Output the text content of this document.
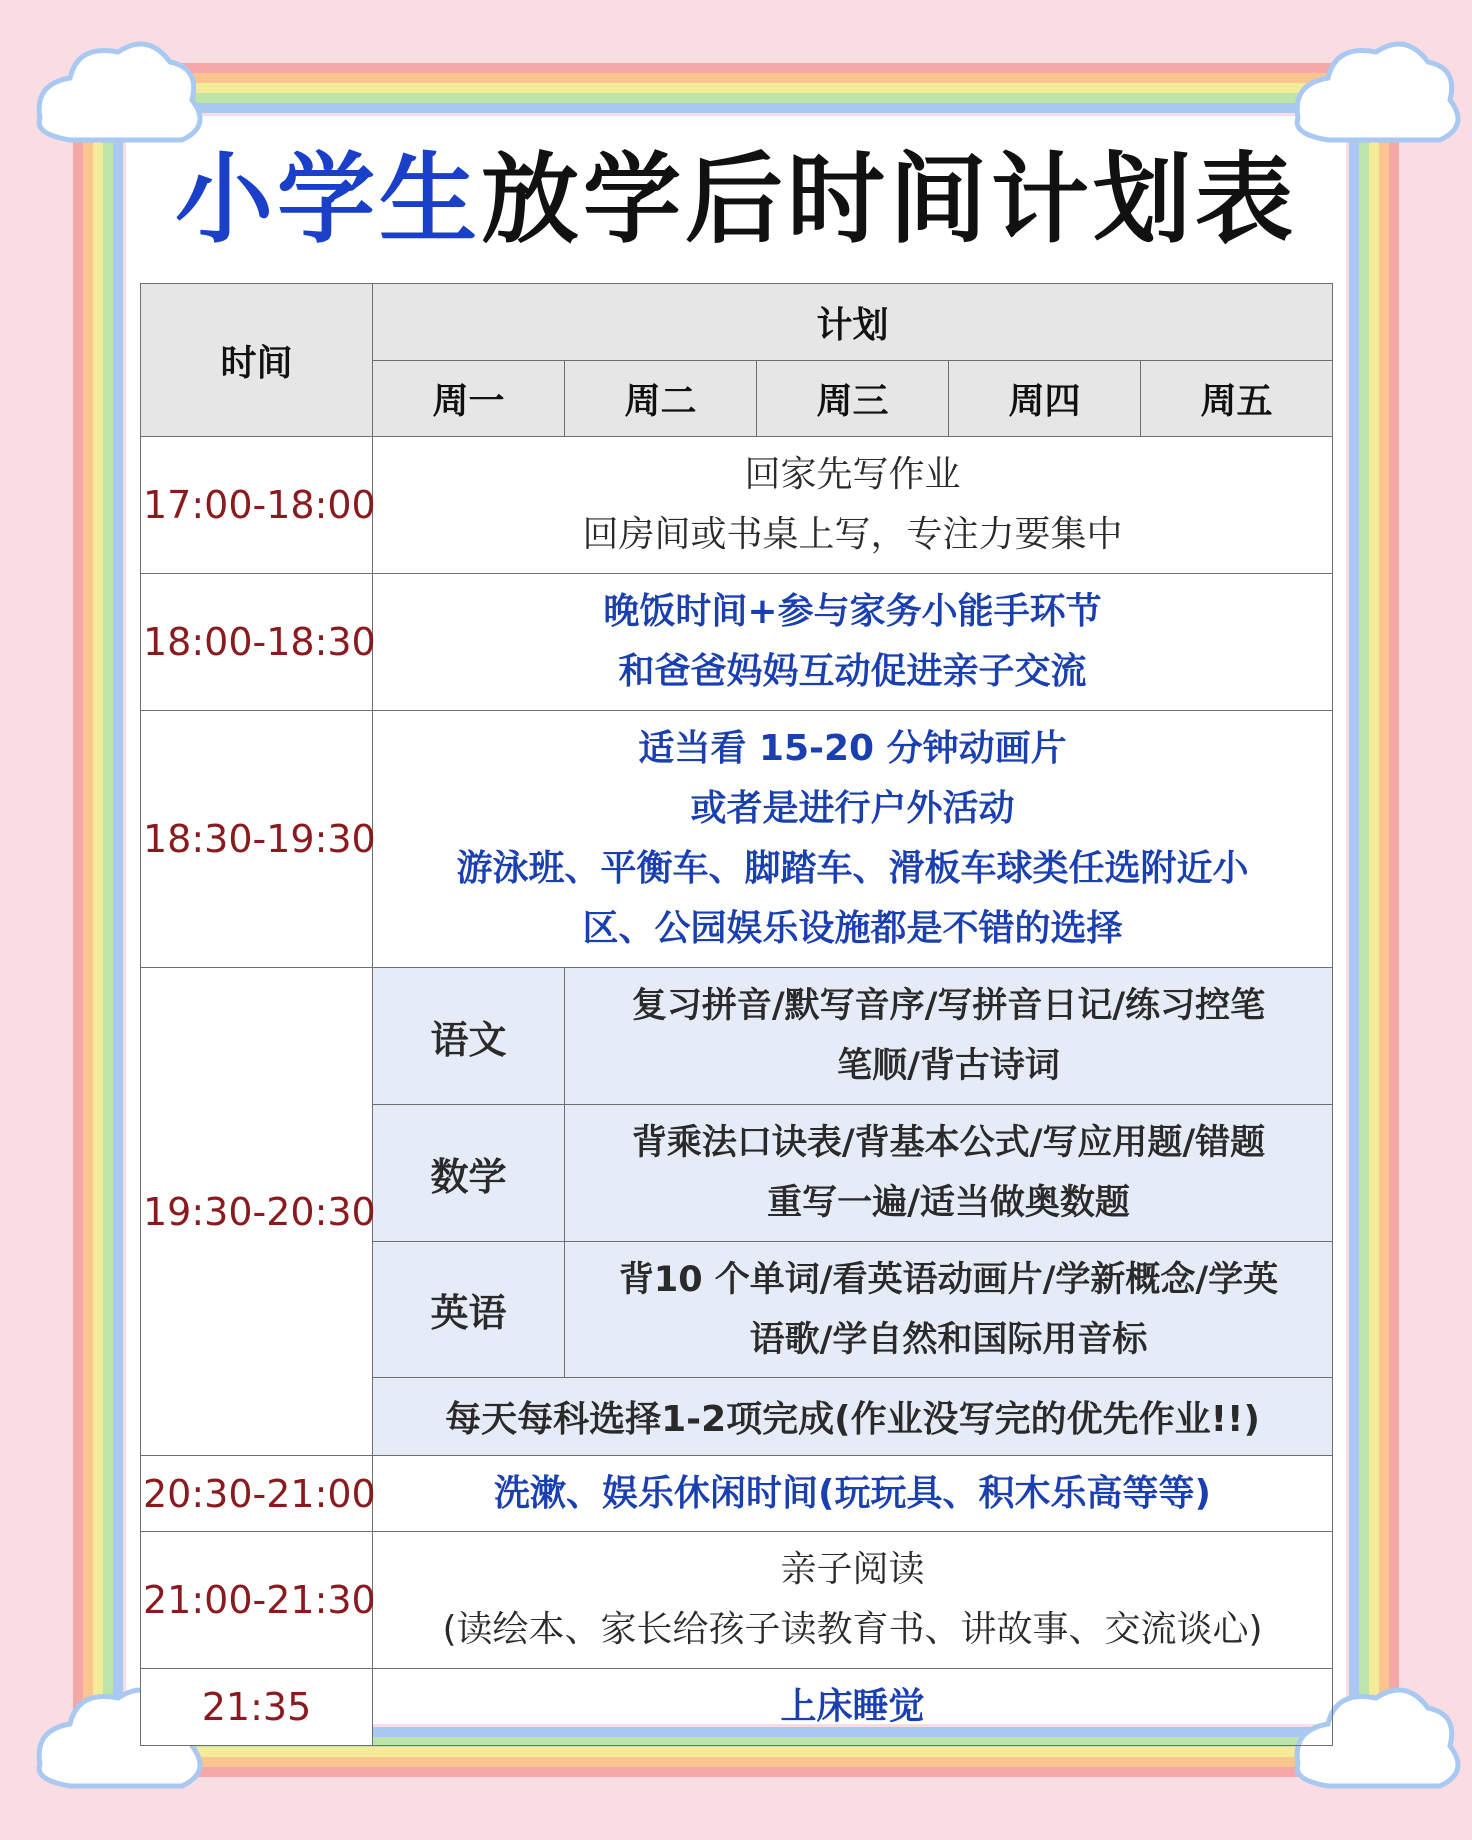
小学生 放学后时间计划表
时间	计划				
	周一	周二	周三	周四	周五
17:00-18:00	回家先写作业
回房间或书桌上写，专注力要集中				

18:00-18:30	晚饭时间+参与家务小能手环节
和爸爸妈妈互动促进亲子交流				

18:30-19:30	适当看 15-20 分钟动画片
或者是进行户外活动
游泳班、平衡车、脚踏车、滑板车球类任选附近小
区、公园娱乐设施都是不错的选择				

19:30-20:30	语文	复习拼音/默写音序/写拼音日记/练习控笔
笔顺/背古诗词			

	数学	背乘法口诀表/背基本公式/写应用题/错题
重写一遍/适当做奥数题			

	英语	背10 个单词/看英语动画片/学新概念/学英
语歌/学自然和国际用音标			

	每天每科选择1-2项完成(作业没写完的优先作业!!)				
20:30-21:00	洗漱、娱乐休闲时间(玩玩具、积木乐高等等)				

21:00-21:30	亲子阅读
(读绘本、家长给孩子读教育书、讲故事、交流谈心)				

21:35	上床睡觉				
